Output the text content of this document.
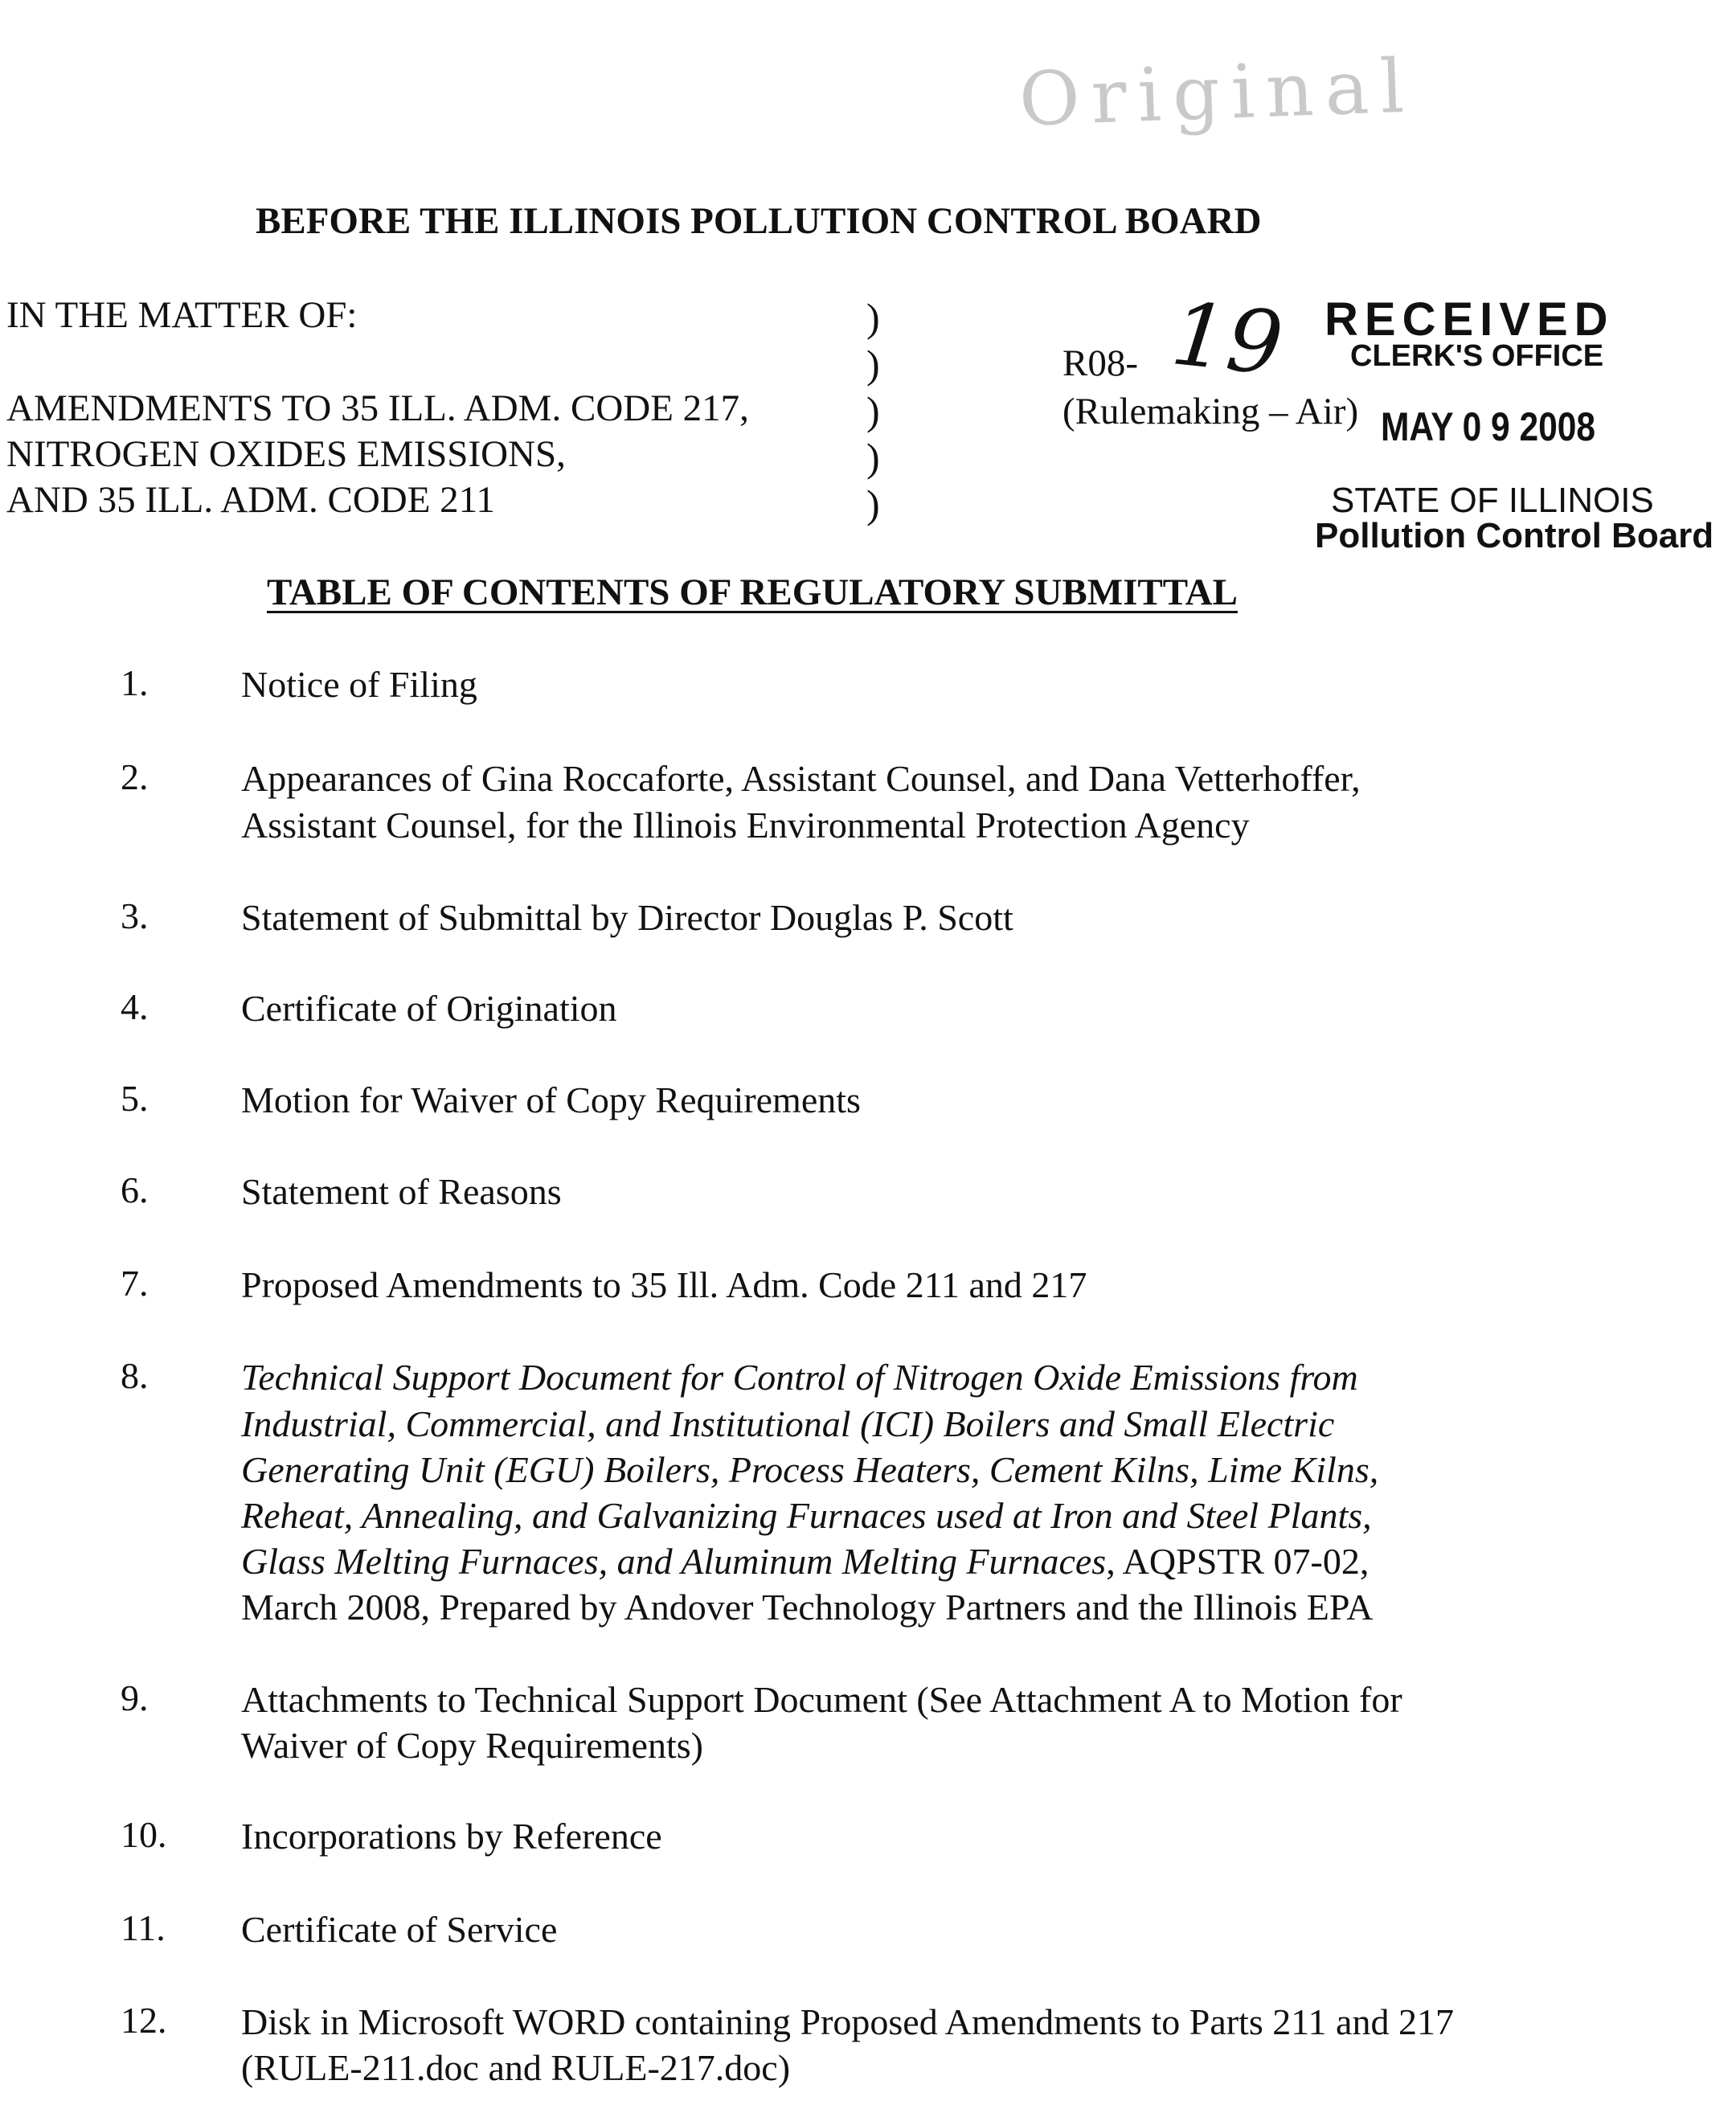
Original
BEFORE THE ILLINOIS POLLUTION CONTROL BOARD
IN THE MATTER OF:
AMENDMENTS TO 35 ILL. ADM. CODE 217,
NITROGEN OXIDES EMISSIONS,
AND 35 ILL. ADM. CODE 211
)
)
)
)
)
R08- 19
(Rulemaking – Air)
RECEIVED
CLERK'S OFFICE
MAY 0 9 2008
STATE OF ILLINOIS
Pollution Control Board
TABLE OF CONTENTS OF REGULATORY SUBMITTAL
1.	Notice of Filing
2.	Appearances of Gina Roccaforte, Assistant Counsel, and Dana Vetterhoffer,
Assistant Counsel, for the Illinois Environmental Protection Agency
3.	Statement of Submittal by Director Douglas P. Scott
4.	Certificate of Origination
5.	Motion for Waiver of Copy Requirements
6.	Statement of Reasons
7.	Proposed Amendments to 35 Ill. Adm. Code 211 and 217
8.	Technical Support Document for Control of Nitrogen Oxide Emissions from
Industrial, Commercial, and Institutional (ICI) Boilers and Small Electric
Generating Unit (EGU) Boilers, Process Heaters, Cement Kilns, Lime Kilns,
Reheat, Annealing, and Galvanizing Furnaces used at Iron and Steel Plants,
Glass Melting Furnaces, and Aluminum Melting Furnaces, AQPSTR 07-02,
March 2008, Prepared by Andover Technology Partners and the Illinois EPA
9.	Attachments to Technical Support Document (See Attachment A to Motion for
Waiver of Copy Requirements)
10. Incorporations by Reference
11. Certificate of Service
12. Disk in Microsoft WORD containing Proposed Amendments to Parts 211 and 217
(RULE-211.doc and RULE-217.doc)
